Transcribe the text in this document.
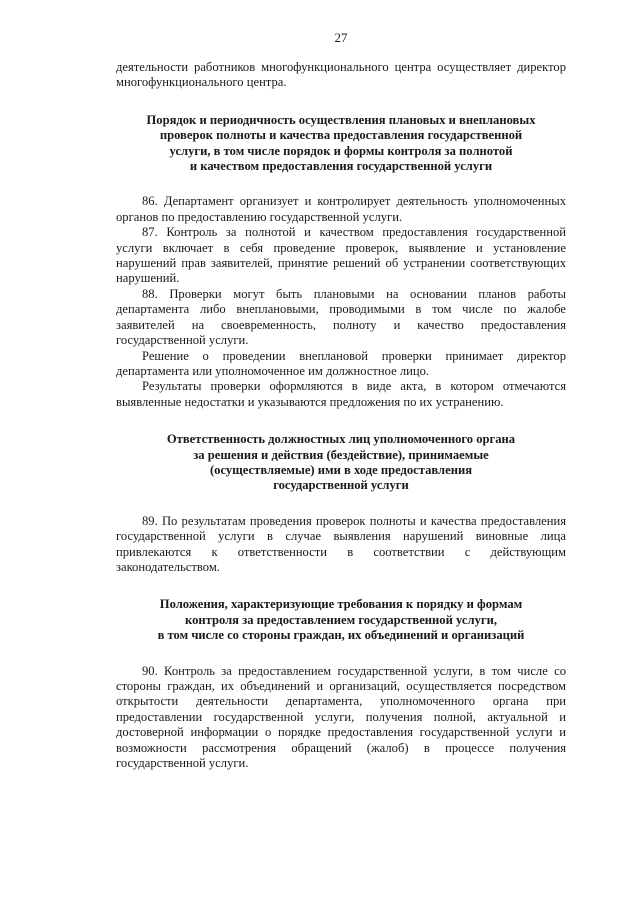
27

деятельности работников многофункционального центра осуществляет директор многофункционального центра.

Порядок и периодичность осуществления плановых и внеплановых
проверок полноты и качества предоставления государственной
услуги, в том числе порядок и формы контроля за полнотой
и качеством предоставления государственной услуги

86. Департамент организует и контролирует деятельность уполномоченных органов по предоставлению государственной услуги.

87. Контроль за полнотой и качеством предоставления государственной услуги включает в себя проведение проверок, выявление и установление нарушений прав заявителей, принятие решений об устранении соответствующих нарушений.

88. Проверки могут быть плановыми на основании планов работы департамента либо внеплановыми, проводимыми в том числе по жалобе заявителей на своевременность, полноту и качество предоставления государственной услуги.

Решение о проведении внеплановой проверки принимает директор департамента или уполномоченное им должностное лицо.

Результаты проверки оформляются в виде акта, в котором отмечаются выявленные недостатки и указываются предложения по их устранению.

Ответственность должностных лиц уполномоченного органа
за решения и действия (бездействие), принимаемые
(осуществляемые) ими в ходе предоставления
государственной услуги

89. По результатам проведения проверок полноты и качества предоставления государственной услуги в случае выявления нарушений виновные лица привлекаются к ответственности в соответствии с действующим законодательством.

Положения, характеризующие требования к порядку и формам
контроля за предоставлением государственной услуги,
в том числе со стороны граждан, их объединений и организаций

90. Контроль за предоставлением государственной услуги, в том числе со стороны граждан, их объединений и организаций, осуществляется посредством открытости деятельности департамента, уполномоченного органа при предоставлении государственной услуги, получения полной, актуальной и достоверной информации о порядке предоставления государственной услуги и возможности рассмотрения обращений (жалоб) в процессе получения государственной услуги.
